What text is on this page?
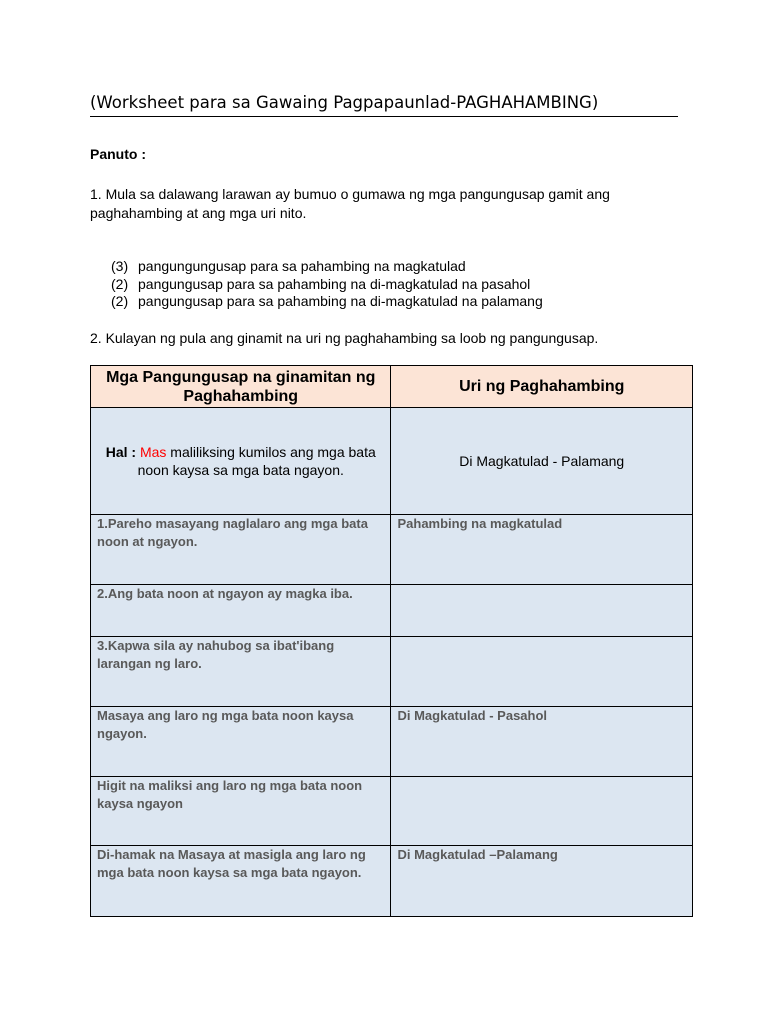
(Worksheet para sa Gawaing Pagpapaunlad-PAGHAHAMBING)
Panuto :
1. Mula sa dalawang larawan ay bumuo o gumawa ng mga pangungusap gamit ang paghahambing at ang mga uri nito.
(3) pangungungusap para sa pahambing na magkatulad
(2) pangungusap para sa pahambing na di-magkatulad na pasahol
(2) pangungusap para sa pahambing na di-magkatulad na palamang
2. Kulayan ng pula ang ginamit na uri ng paghahambing sa loob ng pangungusap.
Mga Pangungusap na ginamitan ng Paghahambing	Uri ng Paghahambing

Hal : Mas maliliksing kumilos ang mga bata noon kaysa sa mga bata ngayon.	Di Magkatulad - Palamang

1.Pareho masayang naglalaro ang mga bata noon at ngayon.	Pahambing na magkatulad

2.Ang bata noon at ngayon ay magka iba.	

3.Kapwa sila ay nahubog sa ibat'ibang larangan ng laro.	

Masaya ang laro ng mga bata noon kaysa ngayon.	Di Magkatulad - Pasahol

Higit na maliksi ang laro ng mga bata noon kaysa ngayon	

Di-hamak na Masaya at masigla ang laro ng mga bata noon kaysa sa mga bata ngayon.	Di Magkatulad –Palamang
